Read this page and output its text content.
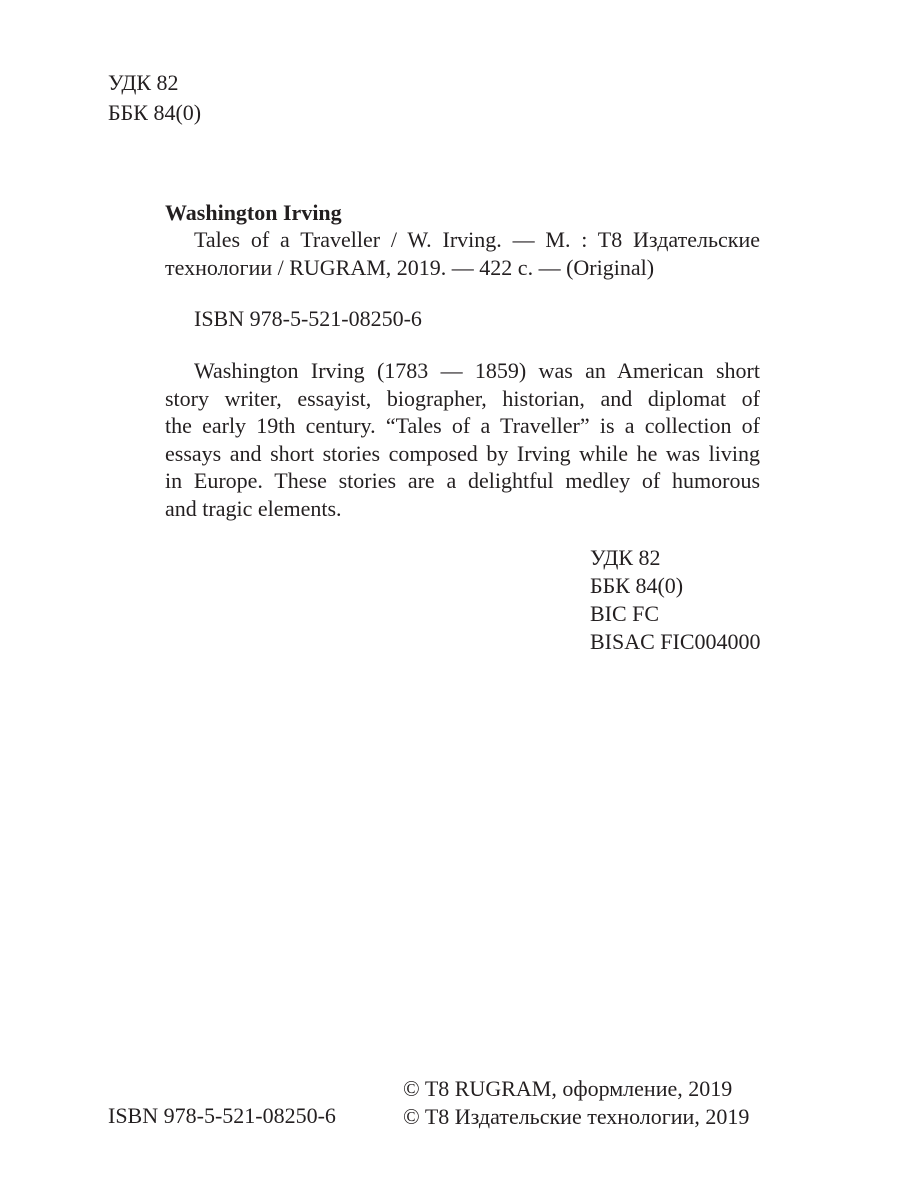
УДК 82
ББК 84(0)
Washington Irving
Tales of a Traveller / W. Irving. — M. : T8 Издательские
технологии / RUGRAM, 2019. — 422 с. — (Original)
ISBN 978-5-521-08250-6
Washington Irving (1783 — 1859) was an American short
story writer, essayist, biographer, historian, and diplomat of
the early 19th century. “Tales of a Traveller” is a collection of
essays and short stories composed by Irving while he was living
in Europe. These stories are a delightful medley of humorous
and tragic elements.
УДК 82
ББК 84(0)
BIC FC
BISAC FIC004000
ISBN 978-5-521-08250-6
© T8 RUGRAM, оформление, 2019
© T8 Издательские технологии, 2019
